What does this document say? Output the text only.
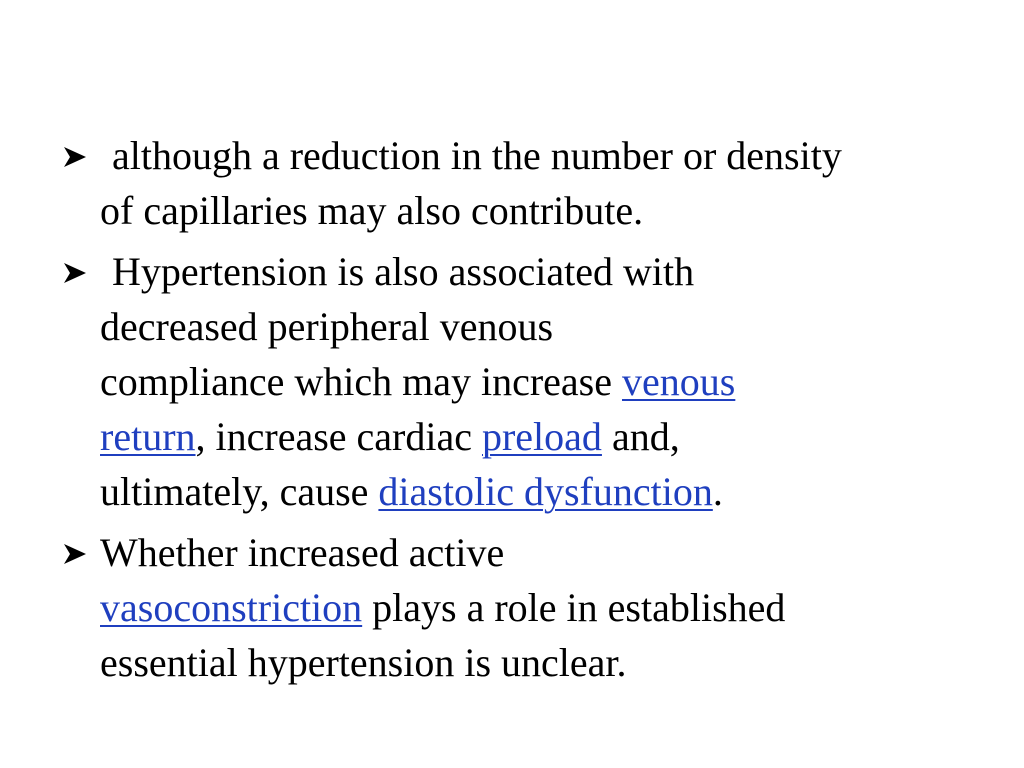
although a reduction in the number or density
of capillaries may also contribute.
Hypertension is also associated with
decreased peripheral venous
compliance which may increase venous
return, increase cardiac preload and,
ultimately, cause diastolic dysfunction.
Whether increased active
vasoconstriction plays a role in established
essential hypertension is unclear.
